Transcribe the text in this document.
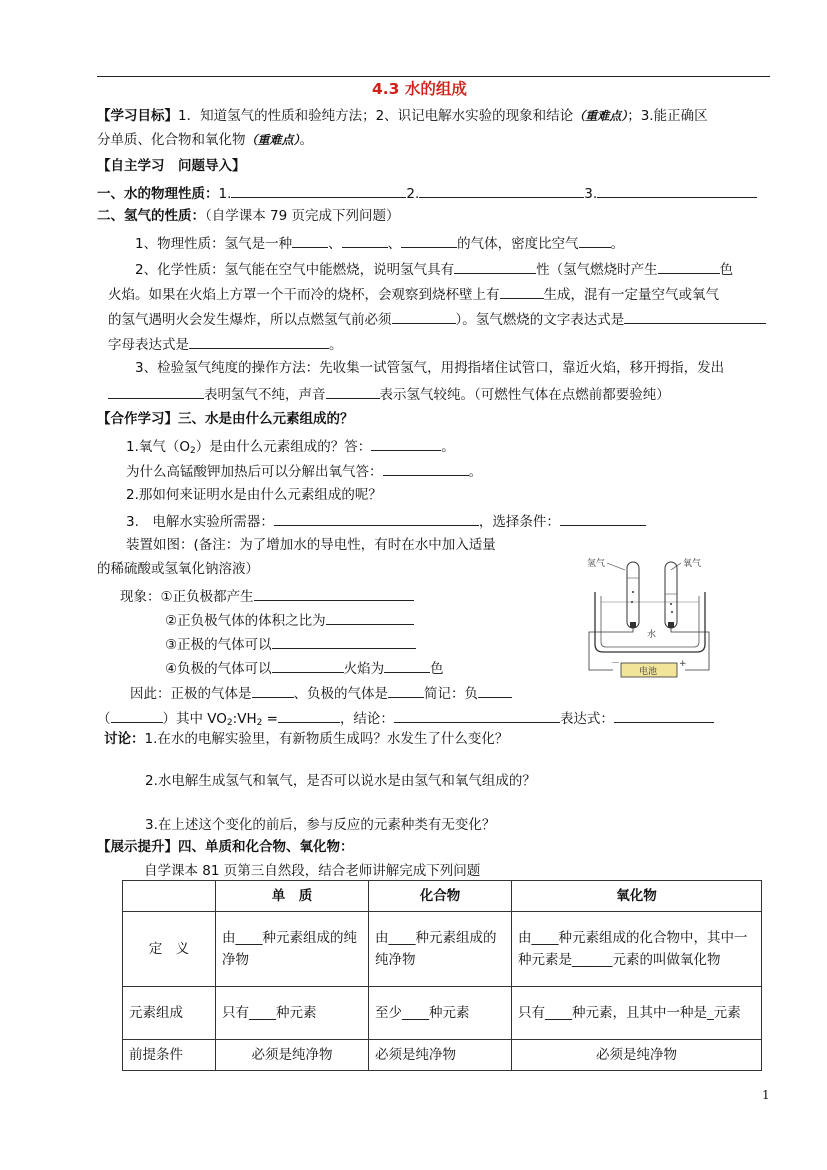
4.3 水的组成
【学习目标】1．知道氢气的性质和验纯方法；2、识记电解水实验的现象和结论（重难点）；3.能正确区
分单质、化合物和氧化物（重难点）。
【自主学习　问题导入】
一、水的物理性质：1.	2.	3.
二、氢气的性质：（自学课本 79 页完成下列问题）
1、物理性质：氢气是一种	、	、	的气体，密度比空气 。
2、化学性质：氢气能在空气中能燃烧，说明氢气具有	性（氢气燃烧时产生	色
火焰。如果在火焰上方罩一个干而冷的烧杯，会观察到烧杯壁上有	生成，混有一定量空气或氧气
的氢气遇明火会发生爆炸，所以点燃氢气前必须	）。氢气燃烧的文字表达式是
字母表达式是	。
3、检验氢气纯度的操作方法：先收集一试管氢气，用拇指堵住试管口，靠近火焰，移开拇指，发出
表明氢气不纯，声音	表示氢气较纯。（可燃性气体在点燃前都要验纯）
【合作学习】三、水是由什么元素组成的？
1.氧气$(O_2)$是由什么元素组成的？答：	。
为什么高锰酸钾加热后可以分解出氧气答：	。
2.那如何来证明水是由什么元素组成的呢？
3.　电解水实验所需器：	，选择条件：
装置如图：(备注：为了增加水的导电性，有时在水中加入适量
的稀硫酸或氢氧化钠溶液）
现象：①正负极都产生
②正负极气体的体积之比为
③正极的气体可以
④负极的气体可以	火焰为	色
因此：正极的气体是	、负极的气体是	简记：负
（	）其中 $VO_2:VH_2$ =	，结论：	表达式：
氢气	氧气
水
电池
－	+
讨论：1.在水的电解实验里，有新物质生成吗？水发生了什么变化？
2.水电解生成氢气和氧气，是否可以说水是由氢气和氧气组成的？
3.在上述这个变化的前后，参与反应的元素种类有无变化？
【展示提升】四、单质和化合物、氧化物：
自学课本 81 页第三自然段，结合老师讲解完成下列问题
	单　质	化合物	氧化物
定　义	由____种元素组成的纯净物	由____种元素组成的纯净物	由____种元素组成的化合物中，其中一种元素是______元素的叫做氧化物
元素组成	只有____种元素	至少____种元素	只有____种元素，且其中一种是_元素
前提条件	必须是纯净物	必须是纯净物	必须是纯净物
1
